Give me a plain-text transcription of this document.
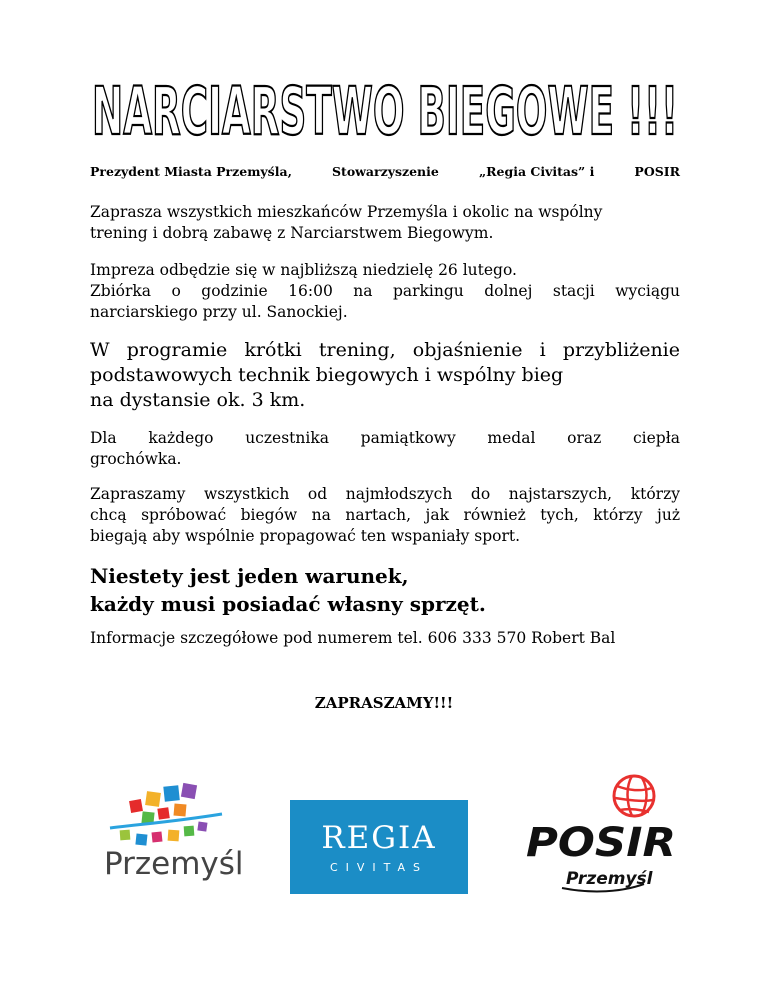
NARCIARSTWO BIEGOWE !!!
Prezydent Miasta Przemyśla,	Stowarzyszenie	„Regia Civitas” i	POSIR
Zaprasza wszystkich mieszkańców Przemyśla i okolic na wspólny
trening i dobrą zabawę z Narciarstwem Biegowym.
Impreza odbędzie się w najbliższą niedzielę 26 lutego.
Zbiórka o godzinie 16:00 na parkingu dolnej stacji wyciągu
narciarskiego przy ul. Sanockiej.
W programie krótki trening, objaśnienie i przybliżenie
podstawowych technik biegowych i wspólny bieg
na dystansie ok. 3 km.
Dla każdego uczestnika pamiątkowy medal oraz ciepła
grochówka.
Zapraszamy wszystkich od najmłodszych do najstarszych, którzy
chcą spróbować biegów na nartach, jak również tych, którzy już
biegają aby wspólnie propagować ten wspaniały sport.
Niestety jest jeden warunek,
każdy musi posiadać własny sprzęt.
Informacje szczegółowe pod numerem tel. 606 333 570 Robert Bal
ZAPRASZAMY!!!
Przemyśl
REGIA
CIVITAS
POSIR
Przemyśl
